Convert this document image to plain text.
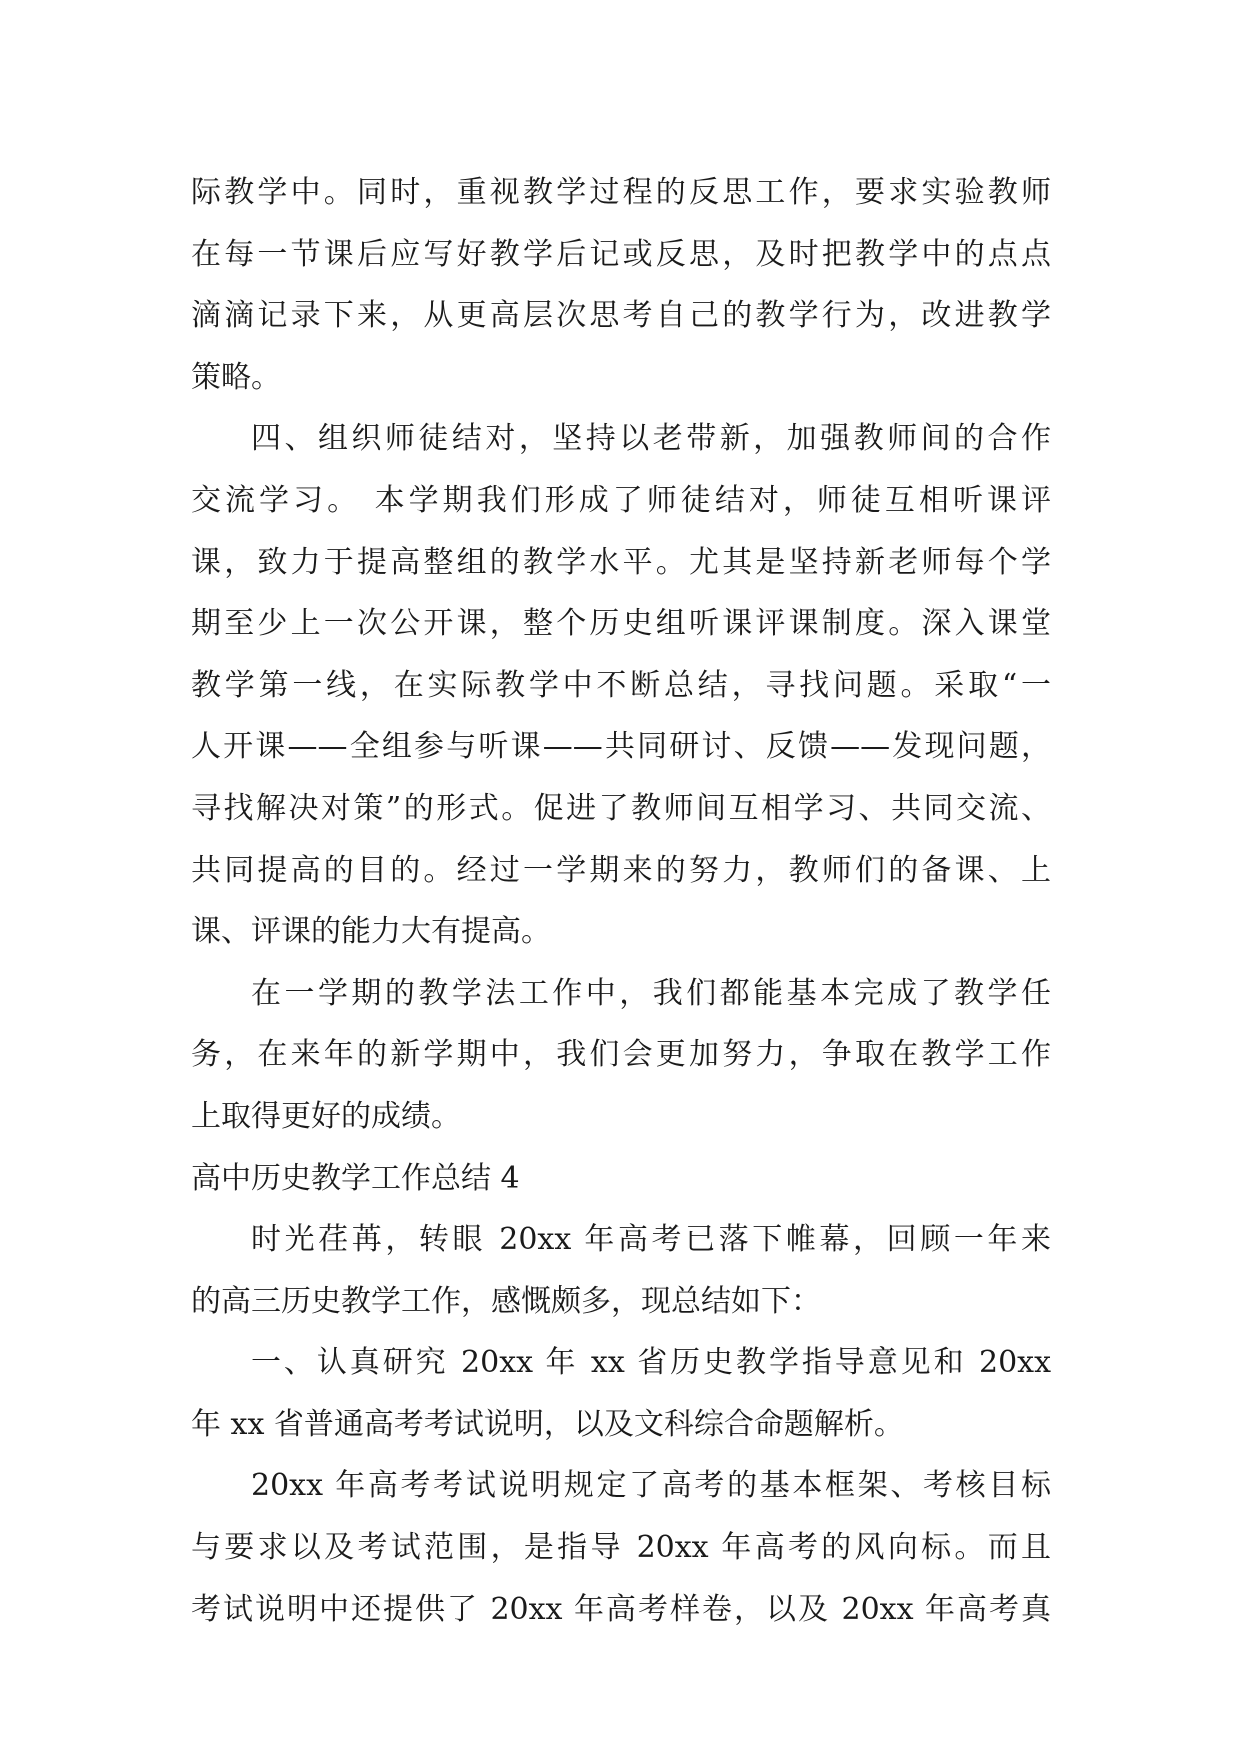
际教学中。同时，重视教学过程的反思工作，要求实验教师
在每一节课后应写好教学后记或反思，及时把教学中的点点
滴滴记录下来，从更高层次思考自己的教学行为，改进教学
策略。
四、组织师徒结对，坚持以老带新，加强教师间的合作
交流学习。 本学期我们形成了师徒结对，师徒互相听课评
课，致力于提高整组的教学水平。尤其是坚持新老师每个学
期至少上一次公开课，整个历史组听课评课制度。深入课堂
教学第一线，在实际教学中不断总结，寻找问题。采取“一
人开课——全组参与听课——共同研讨、反馈——发现问题，
寻找解决对策”的形式。促进了教师间互相学习、共同交流、
共同提高的目的。经过一学期来的努力，教师们的备课、上
课、评课的能力大有提高。
在一学期的教学法工作中，我们都能基本完成了教学任
务，在来年的新学期中，我们会更加努力，争取在教学工作
上取得更好的成绩。
高中历史教学工作总结 4
时光荏苒，转眼 20xx 年高考已落下帷幕，回顾一年来
的高三历史教学工作，感慨颇多，现总结如下：
一、认真研究 20xx 年 xx 省历史教学指导意见和 20xx
年 xx 省普通高考考试说明，以及文科综合命题解析。
20xx 年高考考试说明规定了高考的基本框架、考核目标
与要求以及考试范围，是指导 20xx 年高考的风向标。而且
考试说明中还提供了 20xx 年高考样卷，以及 20xx 年高考真
